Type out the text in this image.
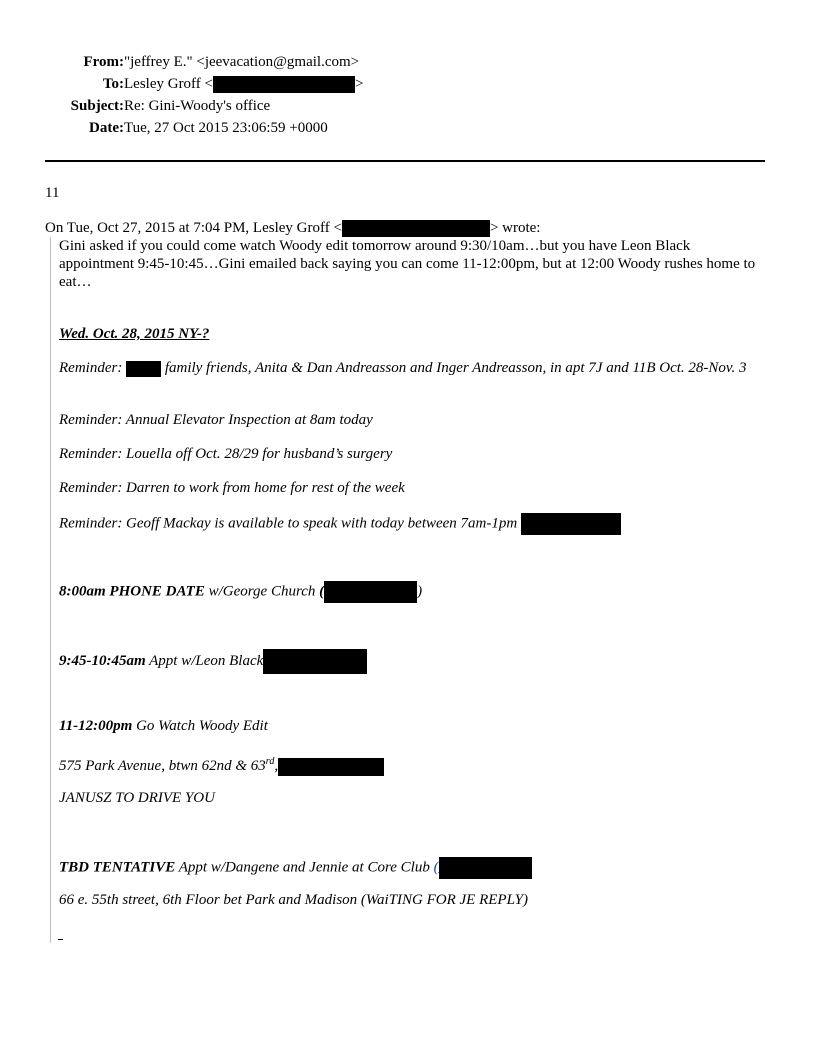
From: "jeffrey E." <jeevacation@gmail.com>
To: Lesley Groff <	>
Subject: Re: Gini-Woody's office
Date: Tue, 27 Oct 2015 23:06:59 +0000
11
On Tue, Oct 27, 2015 at 7:04 PM, Lesley Groff <	> wrote:
Gini asked if you could come watch Woody edit tomorrow around 9:30/10am…but you have Leon Black appointment 9:45-10:45…Gini emailed back saying you can come 11-12:00pm, but at 12:00 Woody rushes home to eat…
Wed. Oct. 28, 2015 NY-?
Reminder:	family friends, Anita & Dan Andreasson and Inger Andreasson, in apt 7J and 11B Oct. 28-Nov. 3
Reminder: Annual Elevator Inspection at 8am today
Reminder: Louella off Oct. 28/29 for husband’s surgery
Reminder: Darren to work from home for rest of the week
Reminder: Geoff Mackay is available to speak with today between 7am-1pm
8:00am PHONE DATE w/George Church (	)
9:45-10:45am Appt w/Leon Black
11-12:00pm Go Watch Woody Edit
575 Park Avenue, btwn 62nd & 63rd,
JANUSZ TO DRIVE YOU
TBD TENTATIVE Appt w/Dangene and Jennie at Core Club (
66 e. 55th street, 6th Floor bet Park and Madison (WaiTING FOR JE REPLY)
